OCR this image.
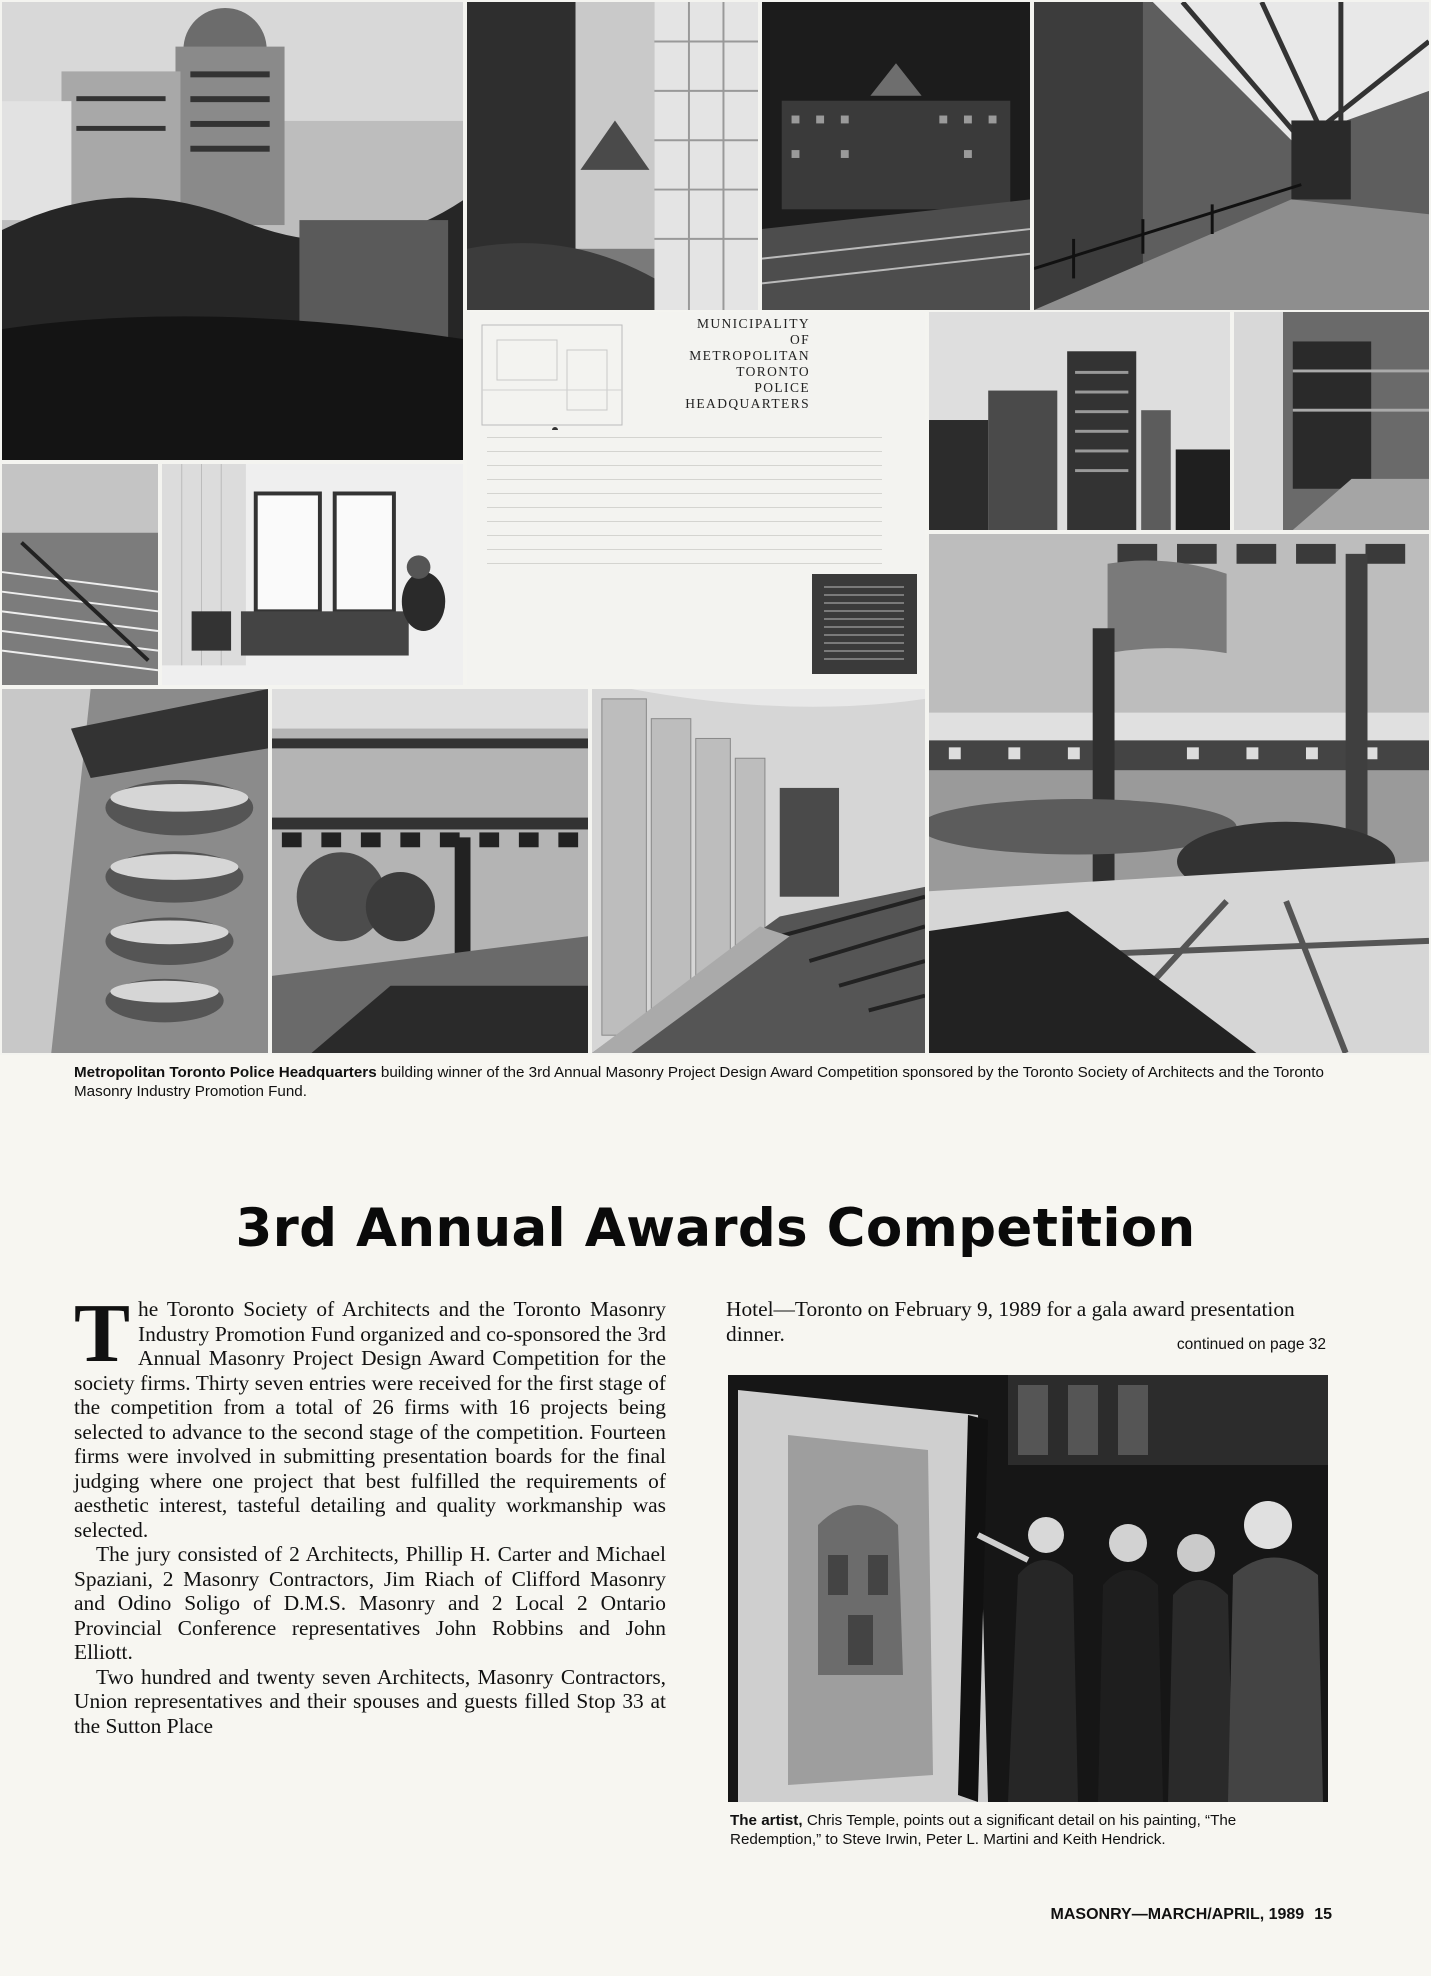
MUNICIPALITY
OF
METROPOLITAN
TORONTO
POLICE
HEADQUARTERS
Metropolitan Toronto Police Headquarters building winner of the 3rd Annual Masonry Project Design Award Competition sponsored by the Toronto Society of Architects and the Toronto Masonry Industry Promotion Fund.
3rd Annual Awards Competition

The Toronto Society of Architects and the Toronto Masonry Industry Promotion Fund organized and co-sponsored the 3rd Annual Masonry Project Design Award Competition for the society firms. Thirty seven entries were received for the first stage of the competition from a total of 26 firms with 16 projects being selected to advance to the second stage of the competition. Fourteen firms were involved in submitting presentation boards for the final judging where one project that best fulfilled the requirements of aesthetic interest, tasteful detailing and quality workmanship was selected.

The jury consisted of 2 Architects, Phillip H. Carter and Michael Spaziani, 2 Masonry Contractors, Jim Riach of Clifford Masonry and Odino Soligo of D.M.S. Masonry and 2 Local 2 Ontario Provincial Conference representatives John Robbins and John Elliott.

Two hundred and twenty seven Architects, Masonry Contractors, Union representatives and their spouses and guests filled Stop 33 at the Sutton Place

Hotel—Toronto on February 9, 1989 for a gala award presentation dinner.	continued on page 32
The artist, Chris Temple, points out a significant detail on his painting, “The Redemption,” to Steve Irwin, Peter L. Martini and Keith Hendrick.
MASONRY—MARCH/APRIL, 1989 15
